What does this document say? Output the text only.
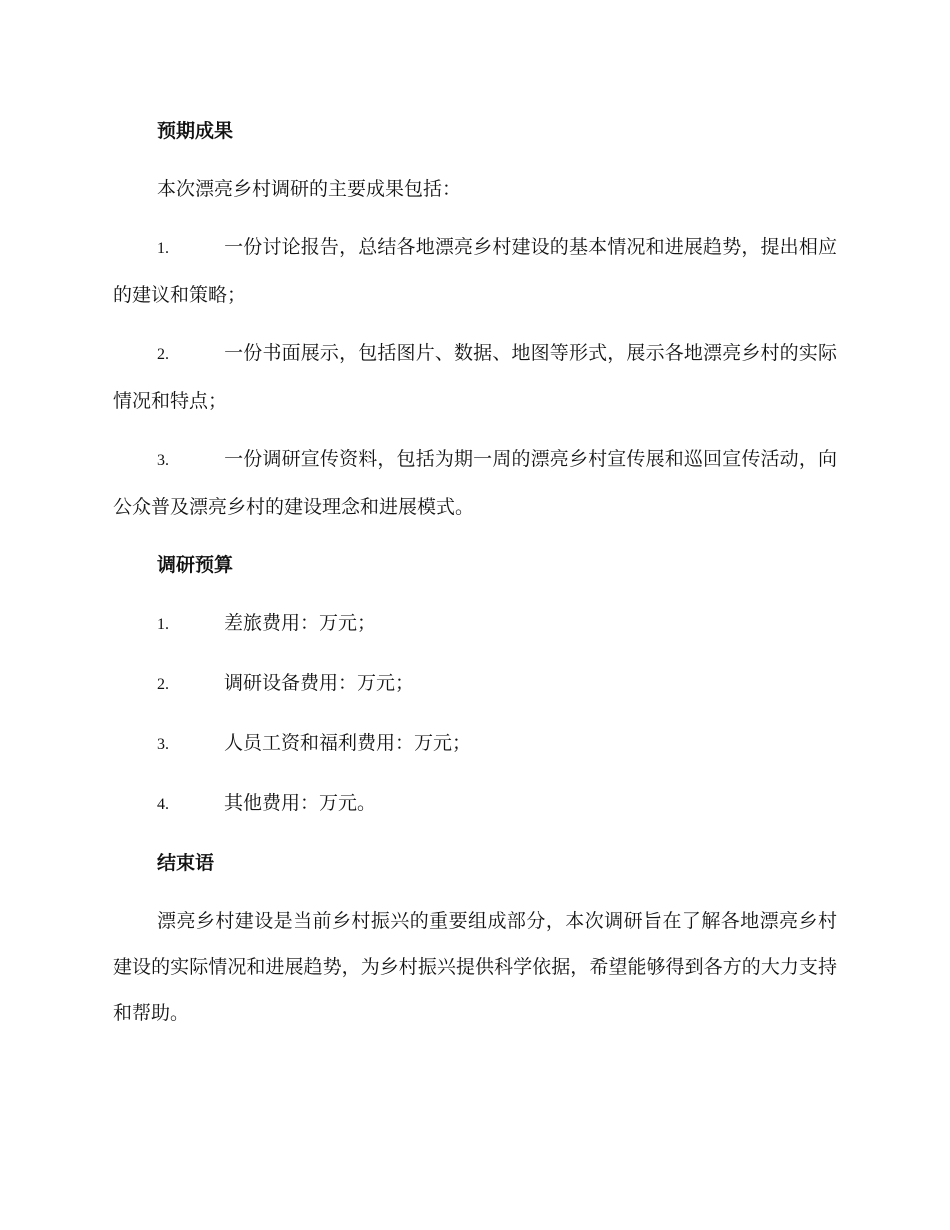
预期成果

本次漂亮乡村调研的主要成果包括：

1.	一份讨论报告，总结各地漂亮乡村建设的基本情况和进展趋势，提出相应的建议和策略；

2.	一份书面展示，包括图片、数据、地图等形式，展示各地漂亮乡村的实际情况和特点；

3.	一份调研宣传资料，包括为期一周的漂亮乡村宣传展和巡回宣传活动，向公众普及漂亮乡村的建设理念和进展模式。

调研预算

1.	差旅费用：万元；

2.	调研设备费用：万元；

3.	人员工资和福利费用：万元；

4.	其他费用：万元。

结束语

漂亮乡村建设是当前乡村振兴的重要组成部分，本次调研旨在了解各地漂亮乡村建设的实际情况和进展趋势，为乡村振兴提供科学依据，希望能够得到各方的大力支持和帮助。
